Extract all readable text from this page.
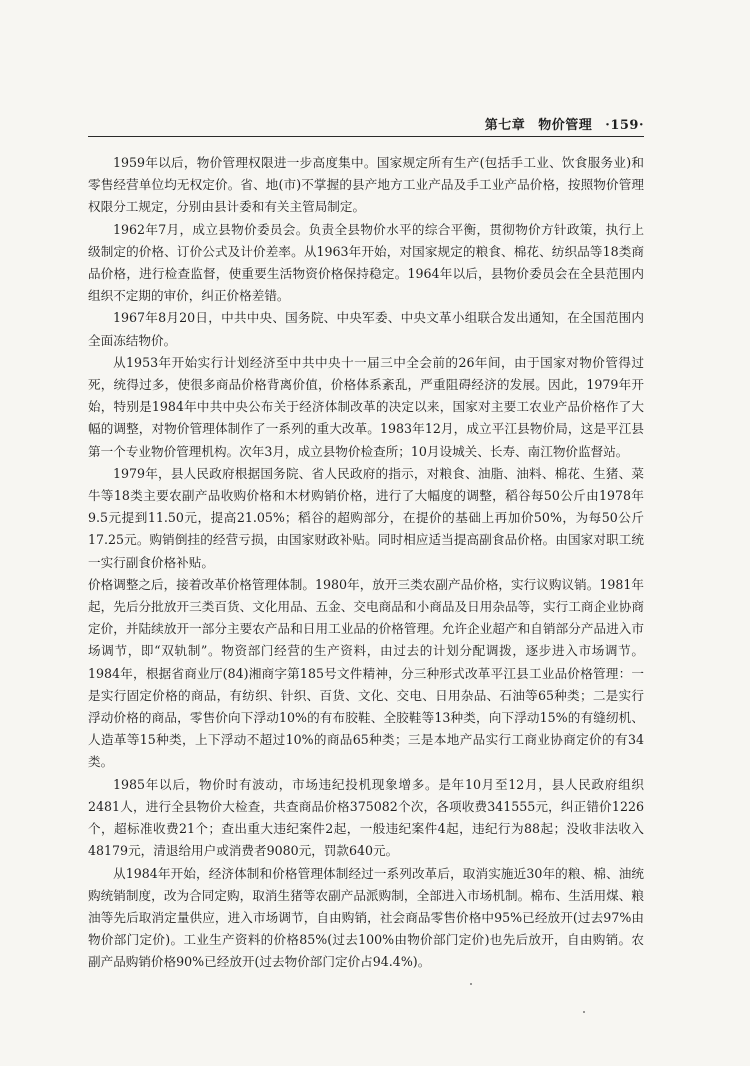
第七章 物价管理 ·159·

1959年以后，物价管理权限进一步高度集中。国家规定所有生产(包括手工业、饮食服务业)和零售经营单位均无权定价。省、地(市)不掌握的县产地方工业产品及手工业产品价格，按照物价管理权限分工规定，分别由县计委和有关主管局制定。

1962年7月，成立县物价委员会。负责全县物价水平的综合平衡，贯彻物价方针政策，执行上级制定的价格、订价公式及计价差率。从1963年开始，对国家规定的粮食、棉花、纺织品等18类商品价格，进行检查监督，使重要生活物资价格保持稳定。1964年以后，县物价委员会在全县范围内组织不定期的审价，纠正价格差错。

1967年8月20日，中共中央、国务院、中央军委、中央文革小组联合发出通知，在全国范围内全面冻结物价。

从1953年开始实行计划经济至中共中央十一届三中全会前的26年间，由于国家对物价管得过死，统得过多，使很多商品价格背离价值，价格体系紊乱，严重阻碍经济的发展。因此，1979年开始，特别是1984年中共中央公布关于经济体制改革的决定以来，国家对主要工农业产品价格作了大幅的调整，对物价管理体制作了一系列的重大改革。1983年12月，成立平江县物价局，这是平江县第一个专业物价管理机构。次年3月，成立县物价检查所；10月设城关、长寿、南江物价监督站。

1979年，县人民政府根据国务院、省人民政府的指示，对粮食、油脂、油料、棉花、生猪、菜牛等18类主要农副产品收购价格和木材购销价格，进行了大幅度的调整，稻谷每50公斤由1978年9.5元提到11.50元，提高21.05%；稻谷的超购部分，在提价的基础上再加价50%，为每50公斤17.25元。购销倒挂的经营亏损，由国家财政补贴。同时相应适当提高副食品价格。由国家对职工统一实行副食价格补贴。

价格调整之后，接着改革价格管理体制。1980年，放开三类农副产品价格，实行议购议销。1981年起，先后分批放开三类百货、文化用品、五金、交电商品和小商品及日用杂品等，实行工商企业协商定价，并陆续放开一部分主要农产品和日用工业品的价格管理。允许企业超产和自销部分产品进入市场调节，即“双轨制”。物资部门经营的生产资料，由过去的计划分配调拨，逐步进入市场调节。1984年，根据省商业厅(84)湘商字第185号文件精神，分三种形式改革平江县工业品价格管理：一是实行固定价格的商品，有纺织、针织、百货、文化、交电、日用杂品、石油等65种类；二是实行浮动价格的商品，零售价向下浮动10%的有布胶鞋、全胶鞋等13种类，向下浮动15%的有缝纫机、人造革等15种类，上下浮动不超过10%的商品65种类；三是本地产品实行工商业协商定价的有34类。

1985年以后，物价时有波动，市场违纪投机现象增多。是年10月至12月，县人民政府组织2481人，进行全县物价大检查，共查商品价格375082个次，各项收费341555元，纠正错价1226个，超标准收费21个；查出重大违纪案件2起，一般违纪案件4起，违纪行为88起；没收非法收入48179元，清退给用户或消费者9080元，罚款640元。

从1984年开始，经济体制和价格管理体制经过一系列改革后，取消实施近30年的粮、棉、油统购统销制度，改为合同定购，取消生猪等农副产品派购制，全部进入市场机制。棉布、生活用煤、粮油等先后取消定量供应，进入市场调节，自由购销，社会商品零售价格中95%已经放开(过去97%由物价部门定价)。工业生产资料的价格85%(过去100%由物价部门定价)也先后放开，自由购销。农副产品购销价格90%已经放开(过去物价部门定价占94.4%)。
